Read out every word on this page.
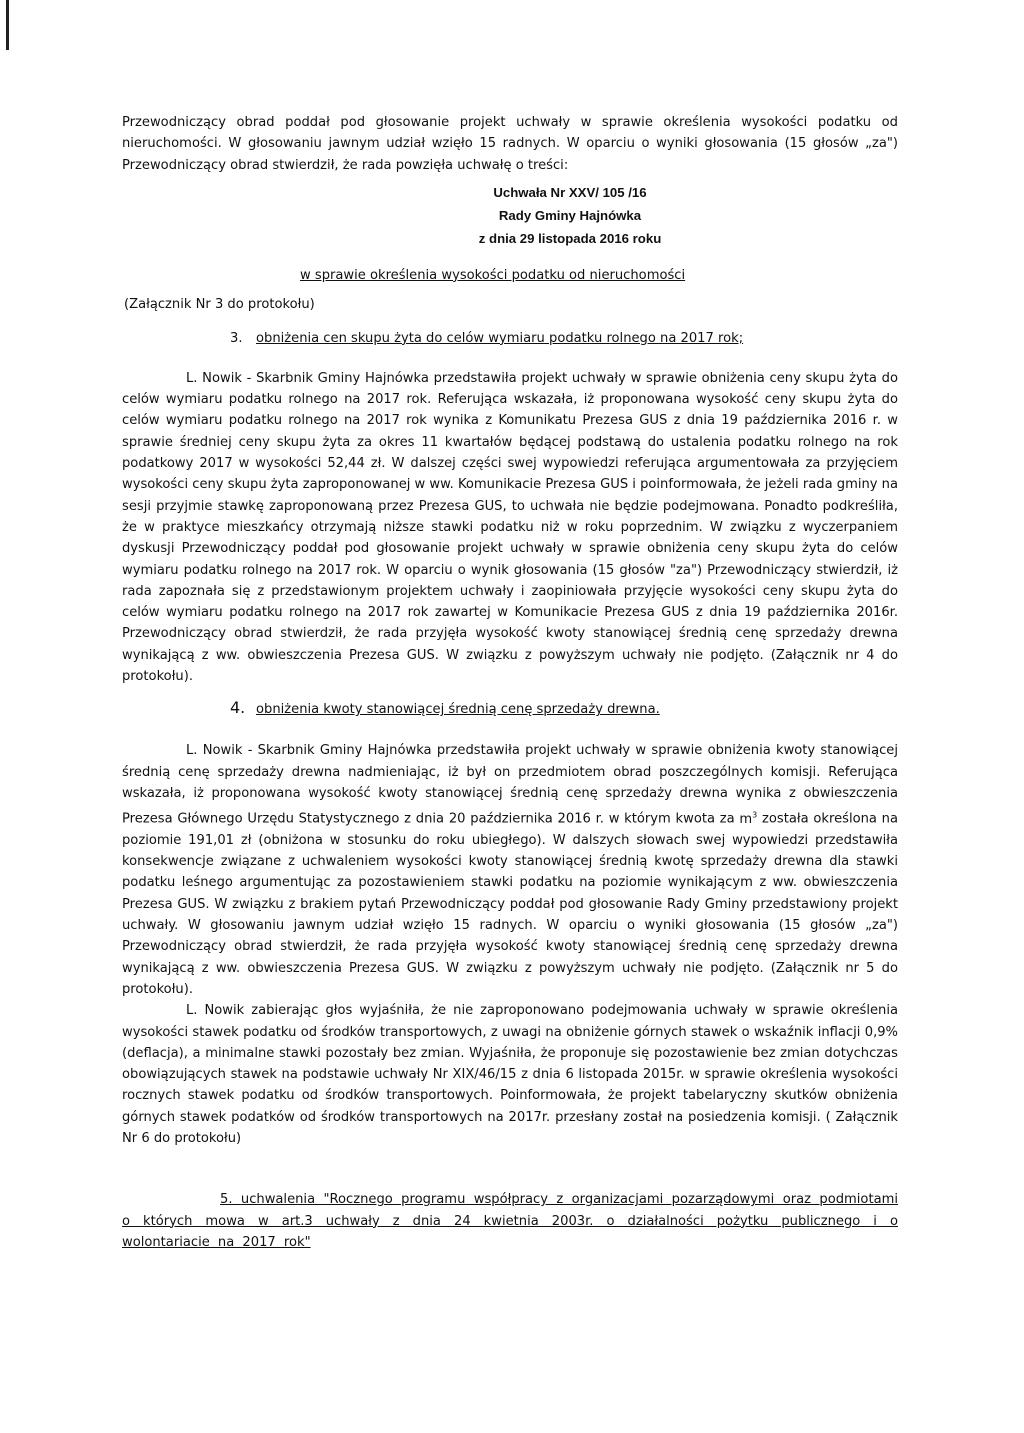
Przewodniczący obrad poddał pod głosowanie projekt uchwały w sprawie określenia wysokości podatku od nieruchomości. W głosowaniu jawnym udział wzięło 15 radnych. W oparciu o wyniki głosowania (15 głosów „za") Przewodniczący obrad stwierdził, że rada powzięła uchwałę o treści:

Uchwała Nr XXV/ 105 /16
Rady Gminy Hajnówka
z dnia 29 listopada 2016 roku
w sprawie określenia wysokości podatku od nieruchomości
(Załącznik Nr 3 do protokołu)

3. obniżenia cen skupu żyta do celów wymiaru podatku rolnego na 2017 rok;

L. Nowik - Skarbnik Gminy Hajnówka przedstawiła projekt uchwały w sprawie obniżenia ceny skupu żyta do celów wymiaru podatku rolnego na 2017 rok. Referująca wskazała, iż proponowana wysokość ceny skupu żyta do celów wymiaru podatku rolnego na 2017 rok wynika z Komunikatu Prezesa GUS z dnia 19 października 2016 r. w sprawie średniej ceny skupu żyta za okres 11 kwartałów będącej podstawą do ustalenia podatku rolnego na rok podatkowy 2017 w wysokości 52,44 zł. W dalszej części swej wypowiedzi referująca argumentowała za przyjęciem wysokości ceny skupu żyta zaproponowanej w ww. Komunikacie Prezesa GUS i poinformowała, że jeżeli rada gminy na sesji przyjmie stawkę zaproponowaną przez Prezesa GUS, to uchwała nie będzie podejmowana. Ponadto podkreśliła, że w praktyce mieszkańcy otrzymają niższe stawki podatku niż w roku poprzednim. W związku z wyczerpaniem dyskusji Przewodniczący poddał pod głosowanie projekt uchwały w sprawie obniżenia ceny skupu żyta do celów wymiaru podatku rolnego na 2017 rok. W oparciu o wynik głosowania (15 głosów "za") Przewodniczący stwierdził, iż rada zapoznała się z przedstawionym projektem uchwały i zaopiniowała przyjęcie wysokości ceny skupu żyta do celów wymiaru podatku rolnego na 2017 rok zawartej w Komunikacie Prezesa GUS z dnia 19 października 2016r. Przewodniczący obrad stwierdził, że rada przyjęła wysokość kwoty stanowiącej średnią cenę sprzedaży drewna wynikającą z ww. obwieszczenia Prezesa GUS. W związku z powyższym uchwały nie podjęto. (Załącznik nr 4 do protokołu).

4. obniżenia kwoty stanowiącej średnią cenę sprzedaży drewna.

L. Nowik - Skarbnik Gminy Hajnówka przedstawiła projekt uchwały w sprawie obniżenia kwoty stanowiącej średnią cenę sprzedaży drewna nadmieniając, iż był on przedmiotem obrad poszczególnych komisji. Referująca wskazała, iż proponowana wysokość kwoty stanowiącej średnią cenę sprzedaży drewna wynika z obwieszczenia Prezesa Głównego Urzędu Statystycznego z dnia 20 października 2016 r. w którym kwota za $m^3$ została określona na poziomie 191,01 zł (obniżona w stosunku do roku ubiegłego). W dalszych słowach swej wypowiedzi przedstawiła konsekwencje związane z uchwaleniem wysokości kwoty stanowiącej średnią kwotę sprzedaży drewna dla stawki podatku leśnego argumentując za pozostawieniem stawki podatku na poziomie wynikającym z ww. obwieszczenia Prezesa GUS. W związku z brakiem pytań Przewodniczący poddał pod głosowanie Rady Gminy przedstawiony projekt uchwały. W głosowaniu jawnym udział wzięło 15 radnych. W oparciu o wyniki głosowania (15 głosów „za") Przewodniczący obrad stwierdził, że rada przyjęła wysokość kwoty stanowiącej średnią cenę sprzedaży drewna wynikającą z ww. obwieszczenia Prezesa GUS. W związku z powyższym uchwały nie podjęto. (Załącznik nr 5 do protokołu).

L. Nowik zabierając głos wyjaśniła, że nie zaproponowano podejmowania uchwały w sprawie określenia wysokości stawek podatku od środków transportowych, z uwagi na obniżenie górnych stawek o wskaźnik inflacji 0,9% (deflacja), a minimalne stawki pozostały bez zmian. Wyjaśniła, że proponuje się pozostawienie bez zmian dotychczas obowiązujących stawek na podstawie uchwały Nr XIX/46/15 z dnia 6 listopada 2015r. w sprawie określenia wysokości rocznych stawek podatku od środków transportowych. Poinformowała, że projekt tabelaryczny skutków obniżenia górnych stawek podatków od środków transportowych na 2017r. przesłany został na posiedzenia komisji. ( Załącznik Nr 6 do protokołu)

5. uchwalenia "Rocznego programu współpracy z organizacjami pozarządowymi oraz podmiotami o których mowa w art.3 uchwały z dnia 24 kwietnia 2003r. o działalności pożytku publicznego i o wolontariacie na 2017 rok"
